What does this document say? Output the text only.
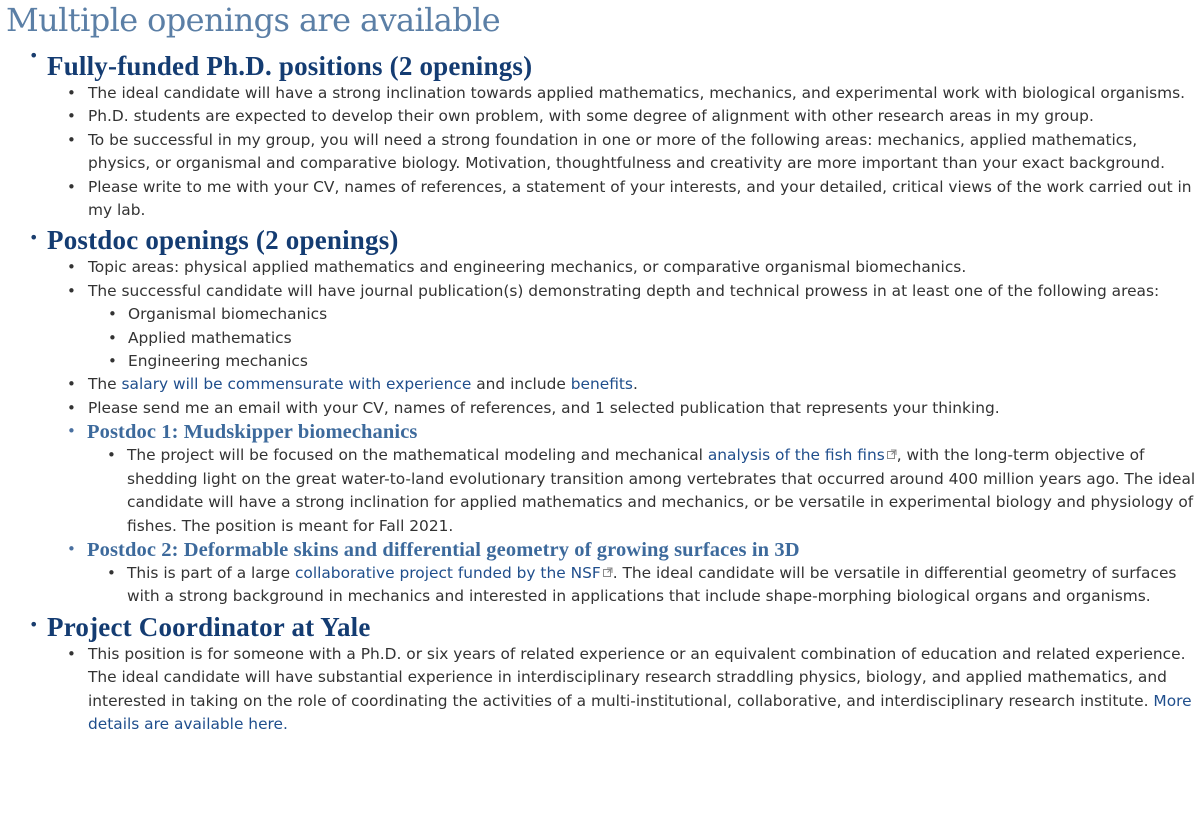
Multiple openings are available
• Fully-funded Ph.D. positions (2 openings)
• The ideal candidate will have a strong inclination towards applied mathematics, mechanics, and experimental work with biological organisms.
• Ph.D. students are expected to develop their own problem, with some degree of alignment with other research areas in my group.
• To be successful in my group, you will need a strong foundation in one or more of the following areas: mechanics, applied mathematics, physics, or organismal and comparative biology. Motivation, thoughtfulness and creativity are more important than your exact background.
• Please write to me with your CV, names of references, a statement of your interests, and your detailed, critical views of the work carried out in my lab.
• Postdoc openings (2 openings)
• Topic areas: physical applied mathematics and engineering mechanics, or comparative organismal biomechanics.
• The successful candidate will have journal publication(s) demonstrating depth and technical prowess in at least one of the following areas:
• Organismal biomechanics
• Applied mathematics
• Engineering mechanics
• The salary will be commensurate with experience and include benefits.
• Please send me an email with your CV, names of references, and 1 selected publication that represents your thinking.
• Postdoc 1: Mudskipper biomechanics
• The project will be focused on the mathematical modeling and mechanical analysis of the fish fins , with the long-term objective of shedding light on the great water-to-land evolutionary transition among vertebrates that occurred around 400 million years ago. The ideal candidate will have a strong inclination for applied mathematics and mechanics, or be versatile in experimental biology and physiology of fishes. The position is meant for Fall 2021.
• Postdoc 2: Deformable skins and differential geometry of growing surfaces in 3D
• This is part of a large collaborative project funded by the NSF . The ideal candidate will be versatile in differential geometry of surfaces with a strong background in mechanics and interested in applications that include shape-morphing biological organs and organisms.
• Project Coordinator at Yale
• This position is for someone with a Ph.D. or six years of related experience or an equivalent combination of education and related experience. The ideal candidate will have substantial experience in interdisciplinary research straddling physics, biology, and applied mathematics, and interested in taking on the role of coordinating the activities of a multi-institutional, collaborative, and interdisciplinary research institute. More details are available here.
